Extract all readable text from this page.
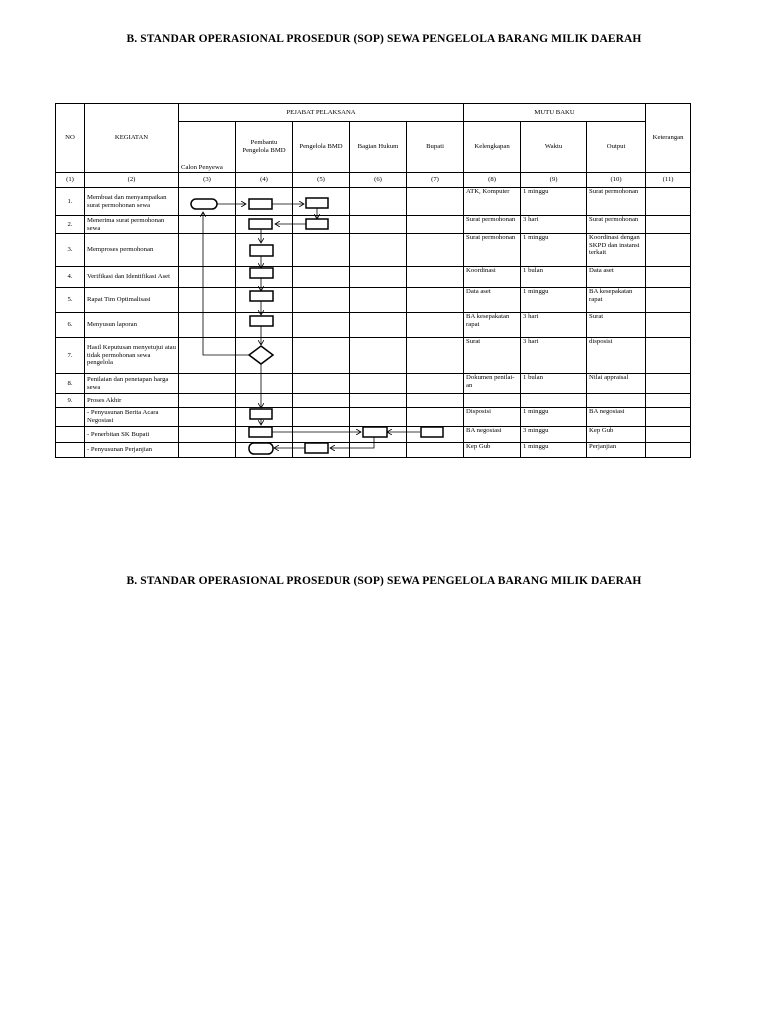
B. STANDAR OPERASIONAL PROSEDUR (SOP) SEWA PENGELOLA BARANG MILIK DAERAH
NO	KEGIATAN	PEJABAT PELAKSANA					MUTU BAKU			Keterangan
		Calon Penyewa	Pembantu Pengelola BMD	Pengelola BMD	Bagian Hukum	Bupati	Kelengkapan	Waktu	Output	
(1)	(2)	(3)	(4)	(5)	(6)	(7)	(8)	(9)	(10)	(11)
1.	Membuat dan menyampaikan surat permohonan sewa						ATK, Komputer	1 minggu	Surat permohonan	
2.	Menerima surat permohonan sewa						Surat permohonan	3 hari	Surat permohonan	
3.	Memproses permohonan						Surat permohonan	1 minggu	Koordinasi dengan SKPD dan instansi terkait	
4.	Verifikasi dan Identifikasi Aset						Koordinasi	1 bulan	Data aset	
5.	Rapat Tim Optimalisasi						Data aset	1 minggu	BA kesepakatan rapat	
6.	Menyusun laporan						BA kesepakatan rapat	3 hari	Surat	
7.	Hasil Keputusan menyetujui atau tidak permohonan sewa pengelola						Surat	3 hari	disposisi	
8.	Penilaian dan penetapan harga sewa						Dokumen penilai-an	1 bulan	Nilai appraisal	
9.	Proses Akhir									
	- Penyusunan Berita Acara Negosiasi						Disposisi	1 minggu	BA negosiasi	
	- Penerbitan SK Bupati						BA negosiasi	3 minggu	Kep Gub	
	- Penyusunan Perjanjian						Kep Gub	1 minggu	Perjanjian	
B. STANDAR OPERASIONAL PROSEDUR (SOP) SEWA PENGELOLA BARANG MILIK DAERAH
